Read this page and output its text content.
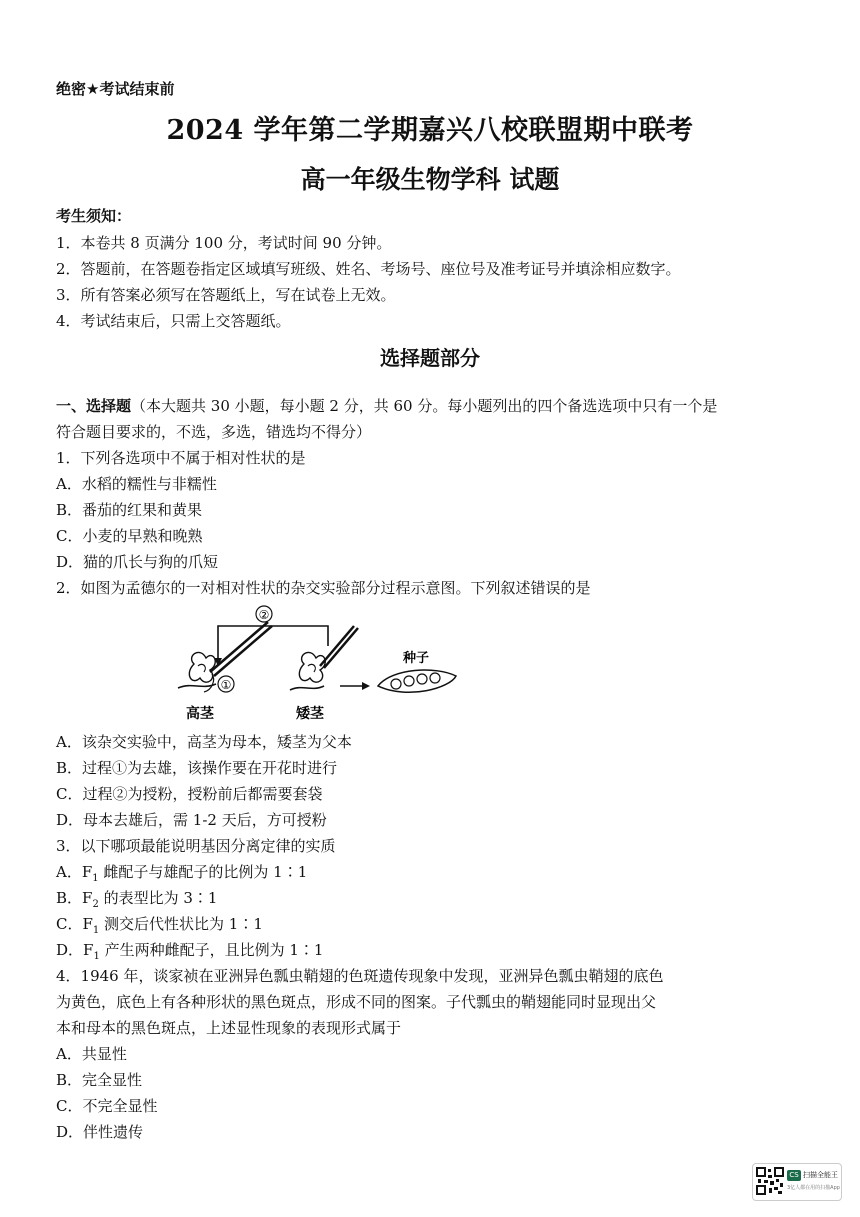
绝密★考试结束前
2024 学年第二学期嘉兴八校联盟期中联考
高一年级生物学科 试题
考生须知：
1．本卷共 8 页满分 100 分，考试时间 90 分钟。
2．答题前，在答题卷指定区域填写班级、姓名、考场号、座位号及准考证号并填涂相应数字。
3．所有答案必须写在答题纸上，写在试卷上无效。
4．考试结束后，只需上交答题纸。
选择题部分
一、选择题（本大题共 30 小题，每小题 2 分，共 60 分。每小题列出的四个备选选项中只有一个是
符合题目要求的，不选，多选，错选均不得分）
1．下列各选项中不属于相对性状的是
A．水稻的糯性与非糯性
B．番茄的红果和黄果
C．小麦的早熟和晚熟
D．猫的爪长与狗的爪短
2．如图为孟德尔的一对相对性状的杂交实验部分过程示意图。下列叙述错误的是
②
①
种子
高茎	矮茎
A．该杂交实验中，高茎为母本，矮茎为父本
B．过程①为去雄，该操作要在开花时进行
C．过程②为授粉，授粉前后都需要套袋
D．母本去雄后，需 1-2 天后，方可授粉
3．以下哪项最能说明基因分离定律的实质
A．$F_1$ 雌配子与雄配子的比例为 1∶1
B．$F_2$ 的表型比为 3∶1
C．$F_1$ 测交后代性状比为 1∶1
D．$F_1$ 产生两种雌配子，且比例为 1∶1
4．1946 年，谈家祯在亚洲异色瓢虫鞘翅的色斑遗传现象中发现，亚洲异色瓢虫鞘翅的底色
为黄色，底色上有各种形状的黑色斑点，形成不同的图案。子代瓢虫的鞘翅能同时显现出父
本和母本的黑色斑点，上述显性现象的表现形式属于
A．共显性
B．完全显性
C．不完全显性
D．伴性遗传
CS 扫描全能王
3亿人都在用的扫描App
